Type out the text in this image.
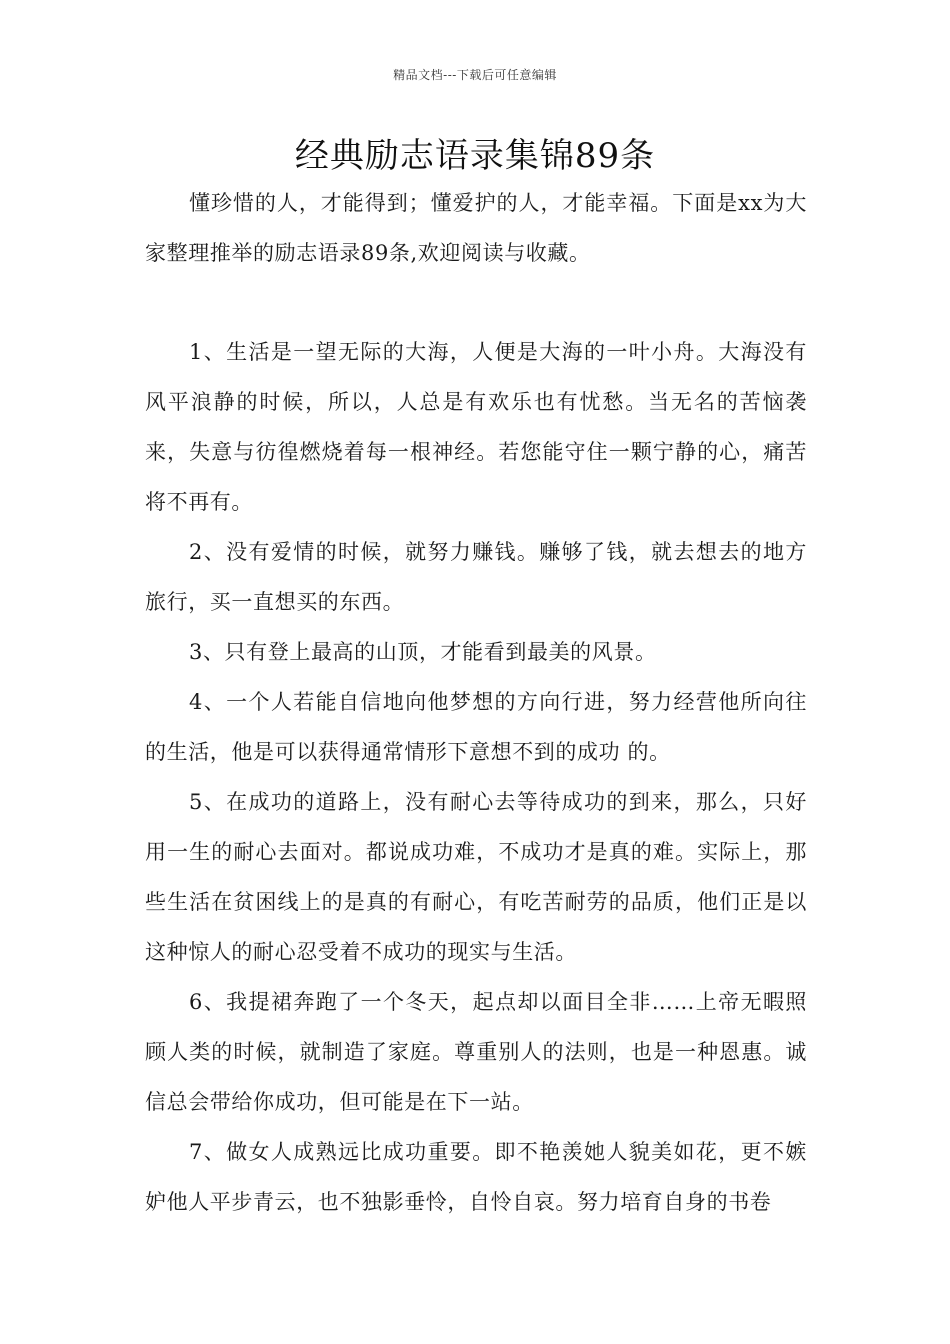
精品文档---下载后可任意编辑
经典励志语录集锦89条

懂珍惜的人，才能得到；懂爱护的人，才能幸福。下面是xx为大家整理推举的励志语录89条,欢迎阅读与收藏。

1、生活是一望无际的大海，人便是大海的一叶小舟。大海没有风平浪静的时候，所以，人总是有欢乐也有忧愁。当无名的苦恼袭来，失意与彷徨燃烧着每一根神经。若您能守住一颗宁静的心，痛苦将不再有。

2、没有爱情的时候，就努力赚钱。赚够了钱，就去想去的地方旅行，买一直想买的东西。

3、只有登上最高的山顶，才能看到最美的风景。

4、一个人若能自信地向他梦想的方向行进，努力经营他所向往的生活，他是可以获得通常情形下意想不到的成功 的。

5、在成功的道路上，没有耐心去等待成功的到来，那么，只好用一生的耐心去面对。都说成功难，不成功才是真的难。实际上，那些生活在贫困线上的是真的有耐心，有吃苦耐劳的品质，他们正是以这种惊人的耐心忍受着不成功的现实与生活。

6、我提裙奔跑了一个冬天，起点却以面目全非……上帝无暇照顾人类的时候，就制造了家庭。尊重别人的法则，也是一种恩惠。诚信总会带给你成功，但可能是在下一站。

7、做女人成熟远比成功重要。即不艳羡她人貌美如花，更不嫉妒他人平步青云，也不独影垂怜，自怜自哀。努力培育自身的书卷
